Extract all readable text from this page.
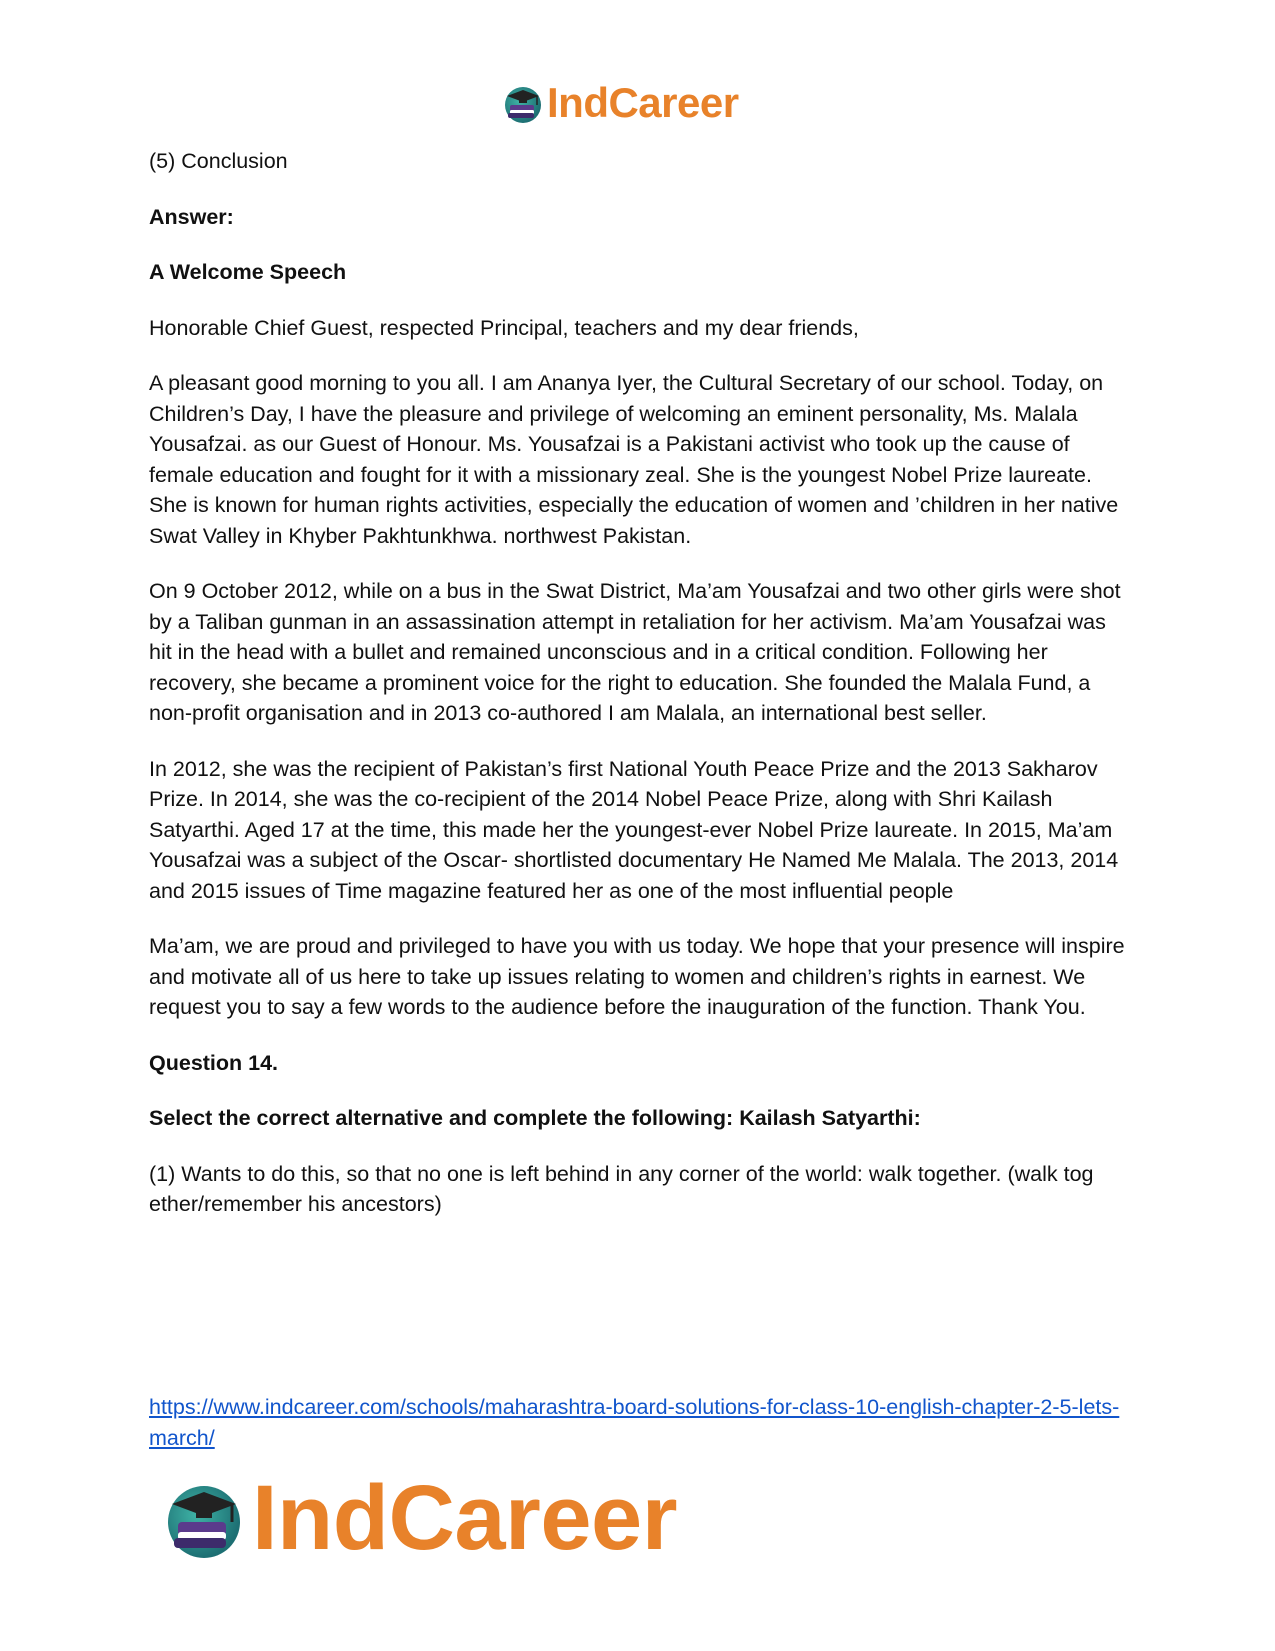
IndCareer

(5) Conclusion

Answer:

A Welcome Speech

Honorable Chief Guest, respected Principal, teachers and my dear friends,

A pleasant good morning to you all. I am Ananya Iyer, the Cultural Secretary of our school. Today, on Children’s Day, I have the pleasure and privilege of welcoming an eminent personality, Ms. Malala Yousafzai. as our Guest of Honour. Ms. Yousafzai is a Pakistani activist who took up the cause of female education and fought for it with a missionary zeal. She is the youngest Nobel Prize laureate. She is known for human rights activities, especially the education of women and ’children in her native Swat Valley in Khyber Pakhtunkhwa. northwest Pakistan.

On 9 October 2012, while on a bus in the Swat District, Ma’am Yousafzai and two other girls were shot by a Taliban gunman in an assassination attempt in retaliation for her activism. Ma’am Yousafzai was hit in the head with a bullet and remained unconscious and in a critical condition. Following her recovery, she became a prominent voice for the right to education. She founded the Malala Fund, a non-profit organisation and in 2013 co-authored I am Malala, an international best seller.

In 2012, she was the recipient of Pakistan’s first National Youth Peace Prize and the 2013 Sakharov Prize. In 2014, she was the co-recipient of the 2014 Nobel Peace Prize, along with Shri Kailash Satyarthi. Aged 17 at the time, this made her the youngest-ever Nobel Prize laureate. In 2015, Ma’am Yousafzai was a subject of the Oscar- shortlisted documentary He Named Me Malala. The 2013, 2014 and 2015 issues of Time magazine featured her as one of the most influential people

Ma’am, we are proud and privileged to have you with us today. We hope that your presence will inspire and motivate all of us here to take up issues relating to women and children’s rights in earnest. We request you to say a few words to the audience before the inauguration of the function. Thank You.

Question 14.

Select the correct alternative and complete the following: Kailash Satyarthi:

(1) Wants to do this, so that no one is left behind in any corner of the world: walk together. (walk tog ether/remember his ancestors)

https://www.indcareer.com/schools/maharashtra-board-solutions-for-class-10-english-chapter-2-5-lets-march/
IndCareer
